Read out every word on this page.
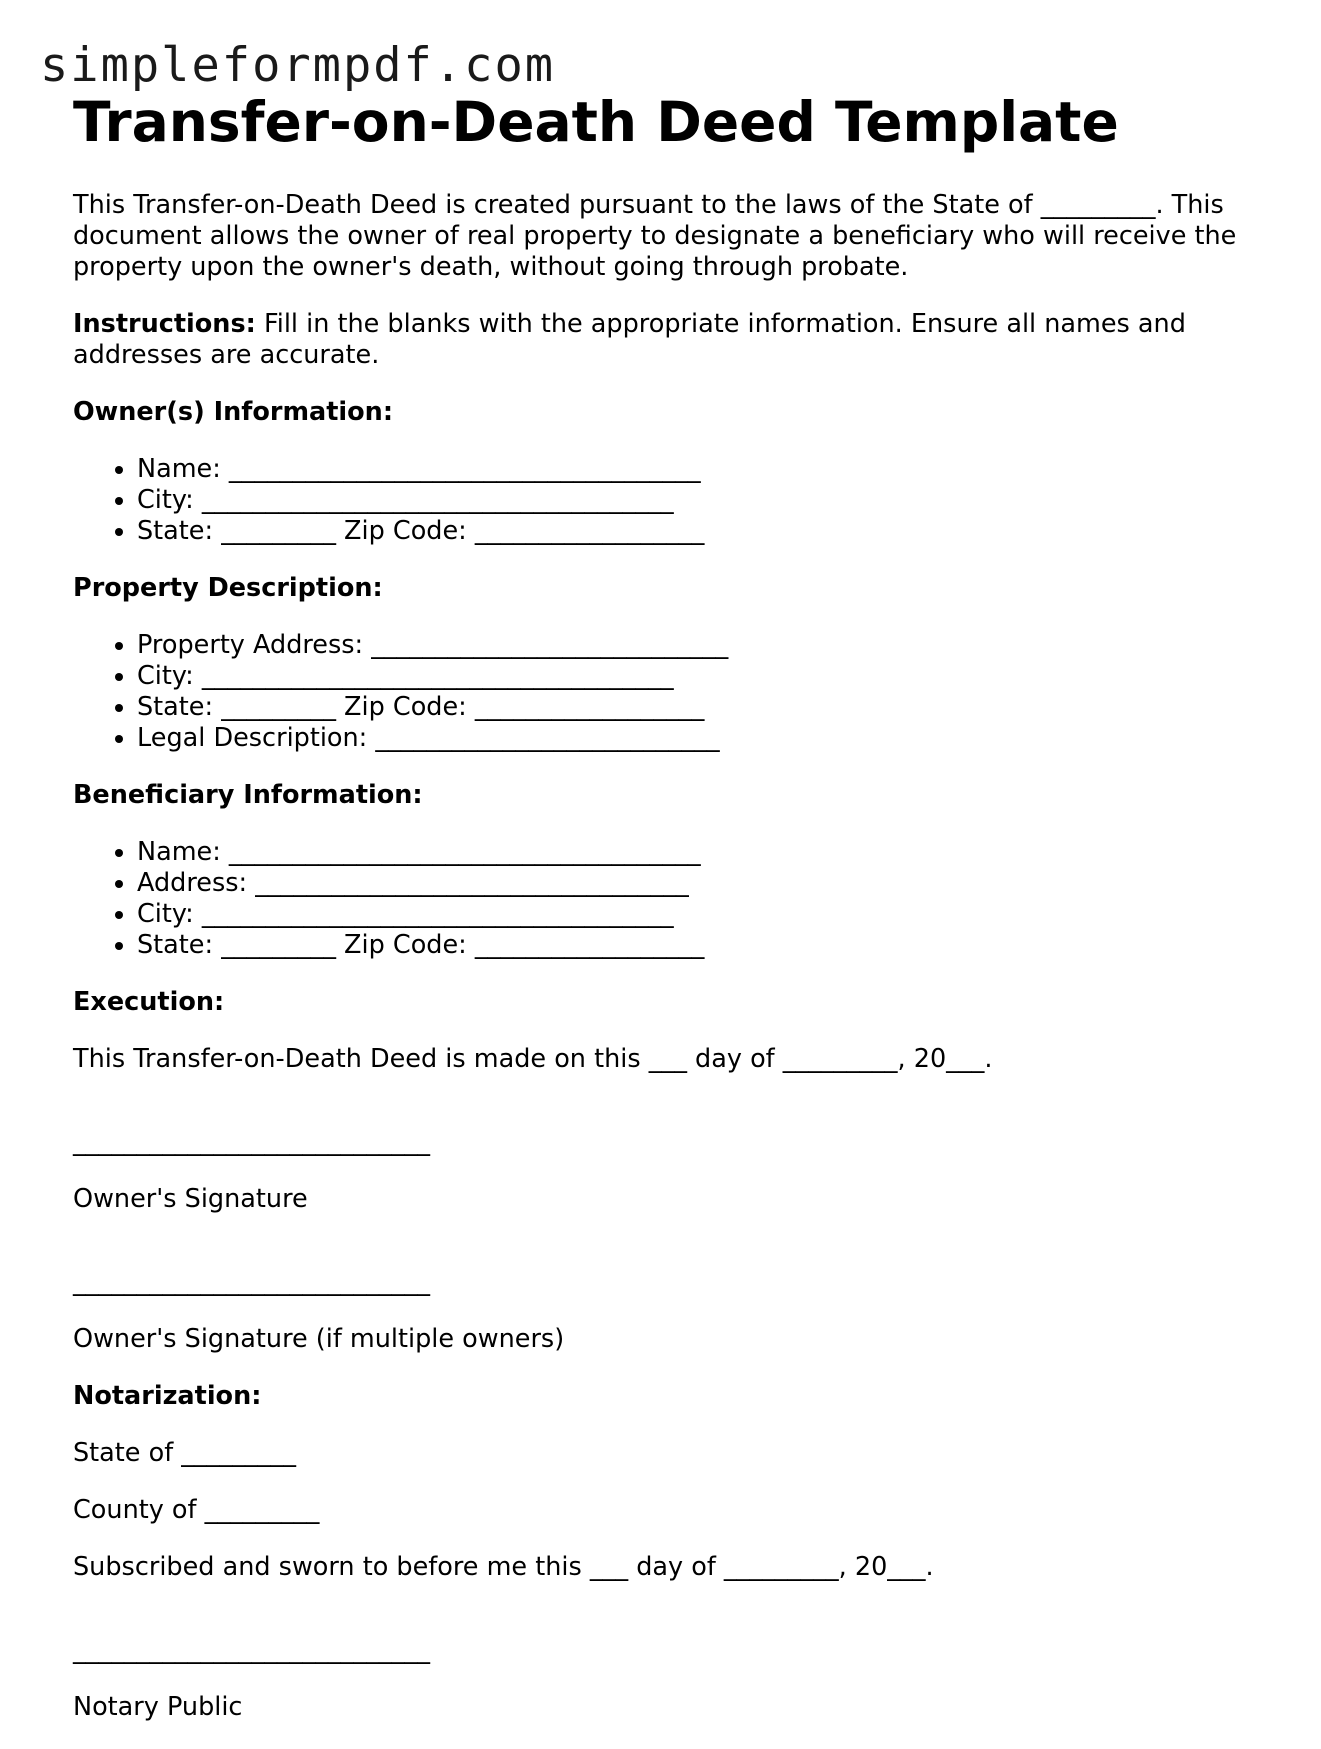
simpleformpdf.com
Transfer-on-Death Deed Template

This Transfer-on-Death Deed is created pursuant to the laws of the State of _________. This document allows the owner of real property to designate a beneficiary who will receive the property upon the owner's death, without going through probate.

Instructions: Fill in the blanks with the appropriate information. Ensure all names and addresses are accurate.

Owner(s) Information:
• Name: _____________________________________
• City: _____________________________________
• State: _________ Zip Code: __________________
Property Description:
• Property Address: ____________________________
• City: _____________________________________
• State: _________ Zip Code: __________________
• Legal Description: ___________________________
Beneficiary Information:
• Name: _____________________________________
• Address: __________________________________
• City: _____________________________________
• State: _________ Zip Code: __________________
Execution:

This Transfer-on-Death Deed is made on this ___ day of _________, 20___.

____________________________

Owner's Signature

____________________________

Owner's Signature (if multiple owners)

Notarization:

State of _________

County of _________

Subscribed and sworn to before me this ___ day of _________, 20___.

____________________________

Notary Public
